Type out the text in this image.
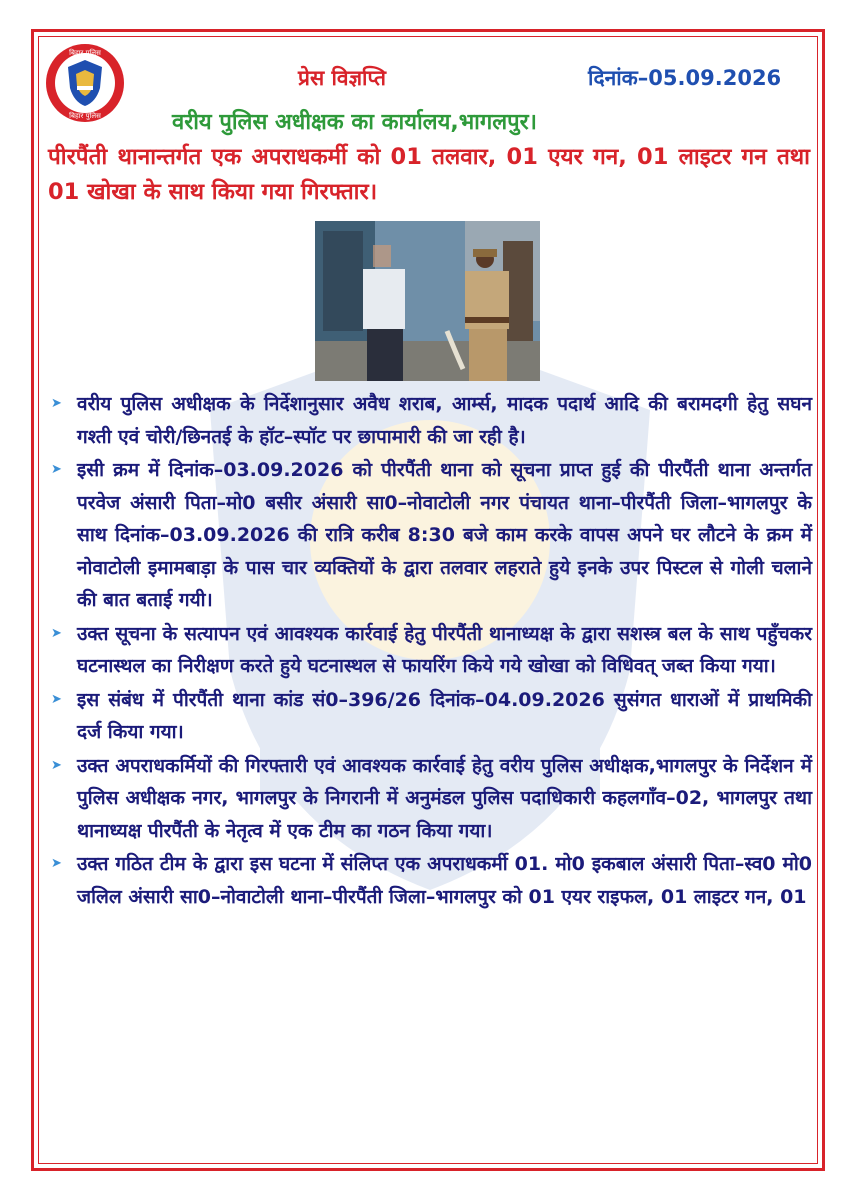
बिहार पुलिस
बिहार पुलिस
प्रेस विज्ञप्ति	दिनांक–05.09.2026
वरीय पुलिस अधीक्षक का कार्यालय,भागलपुर।
पीरपैंती थानान्तर्गत एक अपराधकर्मी को 01 तलवार, 01 एयर गन, 01 लाइटर गन तथा 01 खोखा के साथ किया गया गिरफ्तार।
➤ वरीय पुलिस अधीक्षक के निर्देशानुसार अवैध शराब, आर्म्स, मादक पदार्थ आदि की बरामदगी हेतु सघन गश्ती एवं चोरी/छिनतई के हॉट–स्पॉट पर छापामारी की जा रही है।
➤ इसी क्रम में दिनांक–03.09.2026 को पीरपैंती थाना को सूचना प्राप्त हुई की पीरपैंती थाना अन्तर्गत परवेज अंसारी पिता–मो0 बसीर अंसारी सा0–नोवाटोली नगर पंचायत थाना–पीरपैंती जिला–भागलपुर के साथ दिनांक–03.09.2026 की रात्रि करीब 8:30 बजे काम करके वापस अपने घर लौटने के क्रम में नोवाटोली इमामबाड़ा के पास चार व्यक्तियों के द्वारा तलवार लहराते हुये इनके उपर पिस्टल से गोली चलाने की बात बताई गयी।
➤ उक्त सूचना के सत्यापन एवं आवश्यक कार्रवाई हेतु पीरपैंती थानाध्यक्ष के द्वारा सशस्त्र बल के साथ पहुँचकर घटनास्थल का निरीक्षण करते हुये घटनास्थल से फायरिंग किये गये खोखा को विधिवत् जब्त किया गया।
➤ इस संबंध में पीरपैंती थाना कांड सं0–396/26 दिनांक–04.09.2026 सुसंगत धाराओं में प्राथमिकी दर्ज किया गया।
➤ उक्त अपराधकर्मियों की गिरफ्तारी एवं आवश्यक कार्रवाई हेतु वरीय पुलिस अधीक्षक,भागलपुर के निर्देशन में पुलिस अधीक्षक नगर, भागलपुर के निगरानी में अनुमंडल पुलिस पदाधिकारी कहलगाँव–02, भागलपुर तथा थानाध्यक्ष पीरपैंती के नेतृत्व में एक टीम का गठन किया गया।
➤ उक्त गठित टीम के द्वारा इस घटना में संलिप्त एक अपराधकर्मी 01. मो0 इकबाल अंसारी पिता–स्व0 मो0 जलिल अंसारी सा0–नोवाटोली थाना–पीरपैंती जिला–भागलपुर को 01 एयर राइफल, 01 लाइटर गन, 01
